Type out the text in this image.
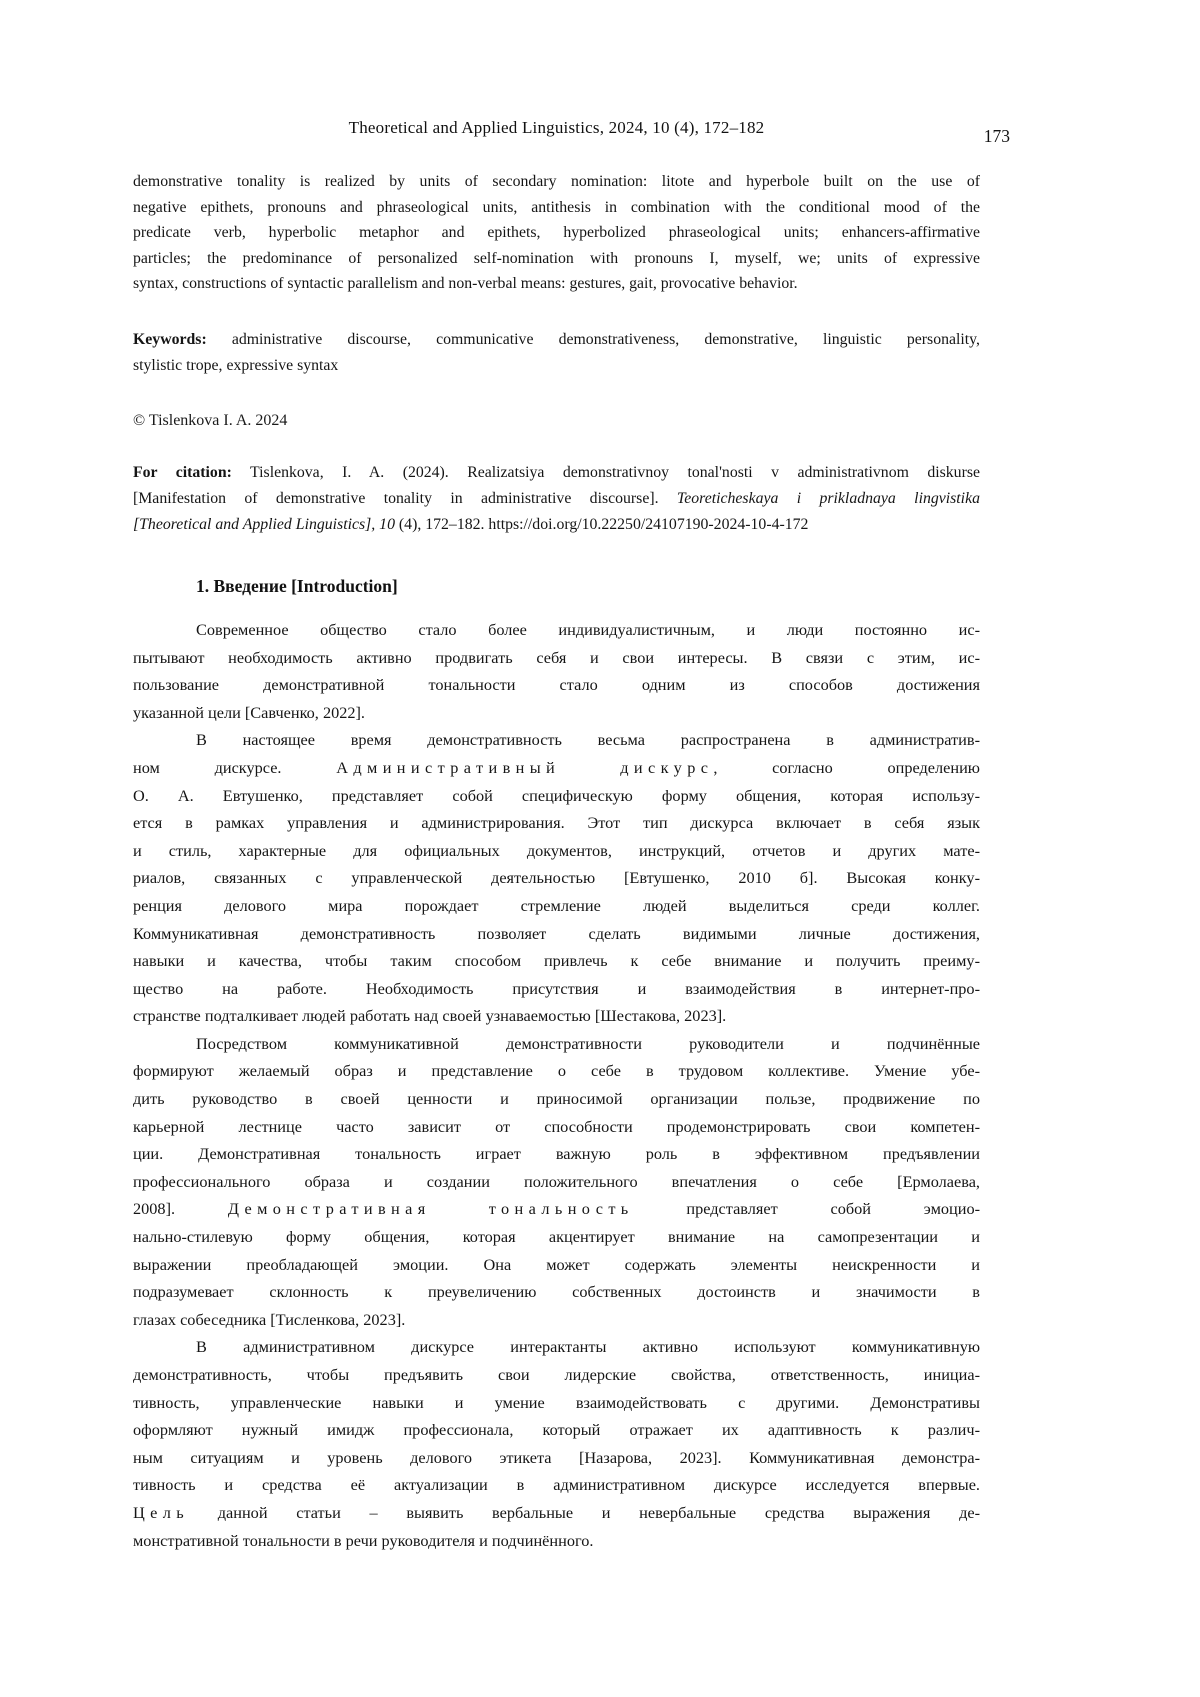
Theoretical and Applied Linguistics, 2024, 10 (4), 172–182	173
demonstrative tonality is realized by units of secondary nomination: litote and hyperbole built on the use of
negative epithets, pronouns and phraseological units, antithesis in combination with the conditional mood of the
predicate verb, hyperbolic metaphor and epithets, hyperbolized phraseological units; enhancers-affirmative
particles; the predominance of personalized self-nomination with pronouns I, myself, we; units of expressive
syntax, constructions of syntactic parallelism and non-verbal means: gestures, gait, provocative behavior.
Keywords: administrative discourse, communicative demonstrativeness, demonstrative, linguistic personality,
stylistic trope, expressive syntax
© Tislenkova I. A. 2024
For citation: Tislenkova, I. A. (2024). Realizatsiya demonstrativnoy tonal'nosti v administrativnom diskurse
[Manifestation of demonstrative tonality in administrative discourse]. Teoreticheskaya i prikladnaya lingvistika
[Theoretical and Applied Linguistics], 10 (4), 172–182. https://doi.org/10.22250/24107190-2024-10-4-172
1. Введение [Introduction]
Современное общество стало более индивидуалистичным, и люди постоянно ис-
пытывают необходимость активно продвигать себя и свои интересы. В связи с этим, ис-
пользование демонстративной тональности стало одним из способов достижения
указанной цели [Савченко, 2022].
В настоящее время демонстративность весьма распространена в административ-
ном дискурсе. Административный дискурс, согласно определению
О. А. Евтушенко, представляет собой специфическую форму общения, которая использу-
ется в рамках управления и администрирования. Этот тип дискурса включает в себя язык
и стиль, характерные для официальных документов, инструкций, отчетов и других мате-
риалов, связанных с управленческой деятельностью [Евтушенко, 2010 б]. Высокая конку-
ренция делового мира порождает стремление людей выделиться среди коллег.
Коммуникативная демонстративность позволяет сделать видимыми личные достижения,
навыки и качества, чтобы таким способом привлечь к себе внимание и получить преиму-
щество на работе. Необходимость присутствия и взаимодействия в интернет-про-
странстве подталкивает людей работать над своей узнаваемостью [Шестакова, 2023].
Посредством коммуникативной демонстративности руководители и подчинённые
формируют желаемый образ и представление о себе в трудовом коллективе. Умение убе-
дить руководство в своей ценности и приносимой организации пользе, продвижение по
карьерной лестнице часто зависит от способности продемонстрировать свои компетен-
ции. Демонстративная тональность играет важную роль в эффективном предъявлении
профессионального образа и создании положительного впечатления о себе [Ермолаева,
2008]. Демонстративная тональность представляет собой эмоцио-
нально-стилевую форму общения, которая акцентирует внимание на самопрезентации и
выражении преобладающей эмоции. Она может содержать элементы неискренности и
подразумевает склонность к преувеличению собственных достоинств и значимости в
глазах собеседника [Тисленкова, 2023].
В административном дискурсе интерактанты активно используют коммуникативную
демонстративность, чтобы предъявить свои лидерские свойства, ответственность, инициа-
тивность, управленческие навыки и умение взаимодействовать с другими. Демонстративы
оформляют нужный имидж профессионала, который отражает их адаптивность к различ-
ным ситуациям и уровень делового этикета [Назарова, 2023]. Коммуникативная демонстра-
тивность и средства её актуализации в административном дискурсе исследуется впервые.
Цель данной статьи – выявить вербальные и невербальные средства выражения де-
монстративной тональности в речи руководителя и подчинённого.
